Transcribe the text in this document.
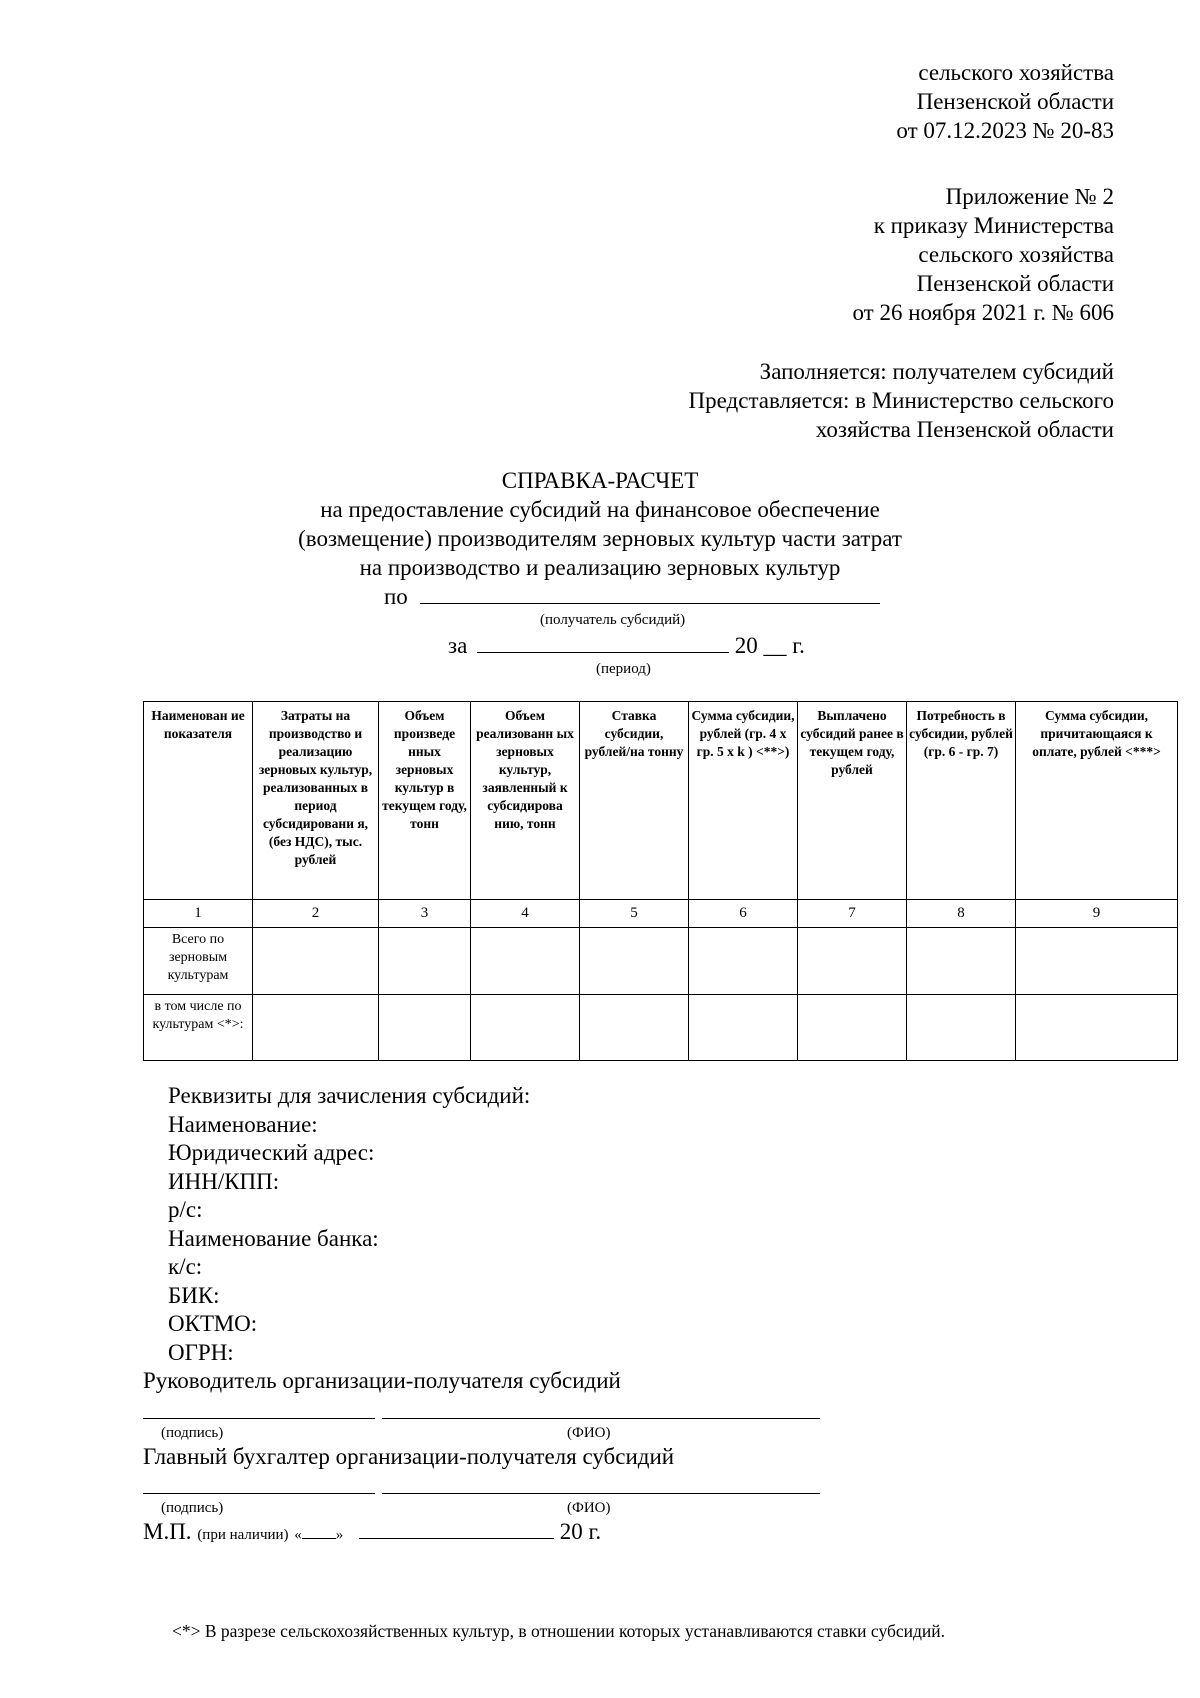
сельского хозяйства
Пензенской области
от 07.12.2023 № 20-83
Приложение № 2
к приказу Министерства
сельского хозяйства
Пензенской области
от 26 ноября 2021 г. № 606
Заполняется: получателем субсидий
Представляется: в Министерство сельского
хозяйства Пензенской области
СПРАВКА-РАСЧЕТ
на предоставление субсидий на финансовое обеспечение
(возмещение) производителям зерновых культур части затрат
на производство и реализацию зерновых культур
по
(получатель субсидий)
за	20 __ г.
(период)
Наименован ие показателя	Затраты на производство и реализацию зерновых культур, реализованных в период субсидировани я, (без НДС), тыс. рублей	Объем произведе нных зерновых культур в текущем году, тонн	Объем реализованн ых зерновых культур, заявленный к субсидирова нию, тонн	Ставка субсидии, рублей/на тонну	Сумма субсидии, рублей (гр. 4 x гр. 5 x k ) <**>)	Выплачено субсидий ранее в текущем году, рублей	Потребность в субсидии, рублей (гр. 6 - гр. 7)	Сумма субсидии, причитающаяся к оплате, рублей <***>
1	2	3	4	5	6	7	8	9
Всего по зерновым культурам								
в том числе по культурам <*>:								
Реквизиты для зачисления субсидий:
Наименование:
Юридический адрес:
ИНН/КПП:
р/с:
Наименование банка:
к/с:
БИК:
ОКТМО:
ОГРН:
Руководитель организации-получателя субсидий
(подпись)	(ФИО)
Главный бухгалтер организации-получателя субсидий
(подпись)	(ФИО)
М.П. (при наличии) « »	20 г.
<*> В разрезе сельскохозяйственных культур, в отношении которых устанавливаются ставки субсидий.
